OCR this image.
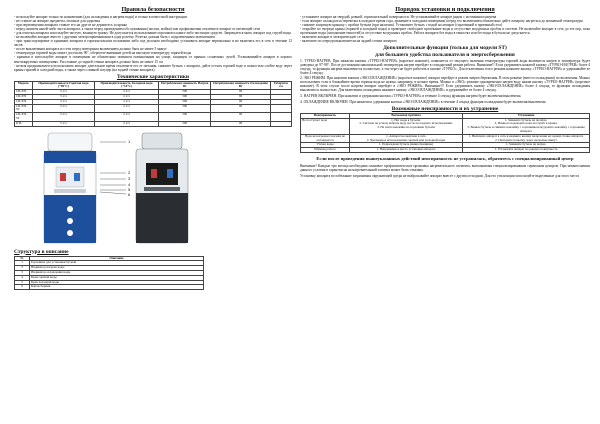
Правила безопасности

- используйте аппарат только по назначению (для охлаждения и нагрева воды) и только в поместной инструкции

- не ставьте на аппарат предметы, опасные для здоровья

- при перемещении аппарата ставьте его на другое не держитесь за краны

- перед снятием какой-либо части аппарата, а также перед проведением обслуживания (чистки, мойки) или профилактики отключите аппарат от питающей сети

- для очистки аппарата используйте чистую, влажную тряпку. Не допускается использование порошков и каких-либо чистящих средств. Запрещается мыть аппарат под струей воды

- не включайте аппарат вместе с другими электроприемниками в одну розетку. Розетка должна быть с подключенным заземлением

- при транспортировке и хранении аппарата в горизонтальном положении либо под уклоном необходимо установить аппарат вертикально и не включать его в сеть в течение 12 часов

- после выключения аппарата из сети перед повторным включением должно быть не менее 5 минут

- температура горячей воды может достигать 90°, оберегите внимание детей на высокую температуру горячей воды

- краники в используйте аппарат в помещении не обязательно повышен повышенным на улице, защищен от прямых солнечных лучей. Устанавливайте аппарат в хорошо вентилируемых помещениях. Расстояние до задней стенки аппарата должно быть не менее 15 см

- нельзя предназначается использовать аппарат длительное время отключите его от питания, снимите бутыль с аппарата, дайте остыть горячей воде и полностью слейте воду через краны горячей и холодной воды, а также через сливной штуцер (на задней стенке аппарата).

Технические характеристики
Модель	Производительность Горячая вода (+90°С)	Производительность Холодная вода (+10°С)	Потребляемая мощность Нагрев Вт	Потребляемая мощность Охлаждение Вт	Габариты см
16L/EN	5 л/ч	2 л/ч	500	90	
16L/EN	5 л/ч	2 л/ч	500	90	
16L/EN	5 л/ч	2 л/ч	500	90	
16L/EN-ST	5 л/ч	2 л/ч	500	90	
16L/EN-ST	5 л/ч	2 л/ч	500	90	
KTL	5 л/ч	2 л/ч	500	90	
1
2
3
4
5
6
Структура в описание
№	Описание
1	Горловина для установки бутыли
2	Индикатор нагрева воды
3	Индикатор охлаждения воды
4	Кран горячей воды
5	Кран холодной воды
6	Каплесборник
Порядок установки и подключения

- установите аппарат на твердой, ровной, горизонтальной поверхности. Не устанавливайте аппарат рядом с источником нагрева

- если аппарат охлаждался (перевозка в холодное время года, хранение в холодном помещении) перед его включением обязательно дайте аппарату нагреться до комнатной температуры

- снимите защитную крышку с пробки бутыли (при наличии). Установите бутыль с водой на аппарат (горловиной в приемный стол)

- откройте по очереди краны (горячей и холодной воды) и проверьте свободное протекание воды и отсутствие воздушных пробок в системе. Не включайте аппарат в сеть до тех пор, пока протекание воды (заполнение емкостей) и отсутствие воздушных пробок. Работа аппарата без воды в емкостях или без воды в бутыли не допускается.

- включите аппарат в электрическую сеть

- включите по очереди выключатели на задней стенке аппарата

Дополнительные функции (только для модели ST)
для большего удобства пользователя и энергосбережения

1. ТУРБО-НАГРЕВ. При нажатии кнопки «ТУРБО-НАГРЕВ» (короткое нажатие), появляется от текущего значения температуры горячей воды включится нагрев и температура будет доведена до 97-98°. После достижения максимальной температуры нагрев перейдет в стандартный режим работы. Внимание!! Если удерживать нажатой кнопку «ТУРБО-НАГРЕВ» более 4 секунд, то функция нагрева выключится полностью, а тэн через не будет работать в кнопке «ТУРБО». Для отключения этого режима нажмите кнопку «ТУРБО-НАГРЕВ» и удерживайте ее более 4 секунд.

2. ЭКО РЕЖИМ. При нажатии кнопки «ЭКО/ОХЛАЖДЕНИЕ» (короткое нажатие) аппарат перейдет в режим энергосбережения. В этом режиме (вместо охлаждения) по включения. Можно использовать если в ближайшее время горячая вода не нужна, например, в ночное время. Можно в «ЭКО» режиме одновременно нагрев воду нажав кнопку «ТУРБО-НАГРЕВ» (короткое нажатие). В этом случае после нагрева аппарат перейдет в «ЭКО РЕЖИМ». Внимание!!! Если удерживать кнопку «ЭКО/ОХЛАЖДЕНИЕ» более 4 секунд, то функция охлаждения выключится полностью. Для включения охлаждения нажмите кнопку «ЭКО/ОХЛАЖДЕНИЕ» и удерживайте ее более 4 секунд.

3. НАГРЕВ ВКЛЮЧЕН. При нажатии и удержании кнопки «ТУРБО-НАГРЕВ» в течение 4 секунд функция нагрева будет включена/выключена.

4. ОХЛАЖДЕНИЕ ВКЛЮЧЕН. При нажатии и удержании кнопки «ЭКО/ОХЛАЖДЕНИЕ» в течение 4 секунд функция охлаждения будет включена/выключена.

Возможные неисправности и их устранение
Неисправность	Возможная причина	Устранение
Не поступает вода	1. Нет воды в бутыли.
2. Система не успела набрать воду после последнего использования.
3. Не снята наклейка на горловине бутыли	1. Замените бутыль на полную.
2. Немного подождать пока поступит в краны.
3. Выньте бутыль и снимите наклейку с горловины или удалите наклейку с горловины аппарата
Вода не нагревается и/или не охлаждается	1. Аппарат не включен в сеть
2. Чрезмерное использование горячей или холодной воды	1. Включите аппарат в сеть и нажмите кнопку включения на задней стенке аппарата
2. Повторите попытку через несколько минут
Утечка воды	1. Повреждена бутыль (микротрещины)	1. Замените бутыль на новую.
Шумная работа	1. Неправильное место установки аппарата	1. Установите аппарат на ровную поверхность
Если после проведения вышеуказанных действий неисправность не устранилась, обратитесь с специализированный центр

Внимание! Каждые три месяца необходима плановое профилактическое промывка нагревательного элемента, выполняемая специализированным сервисным центром. При невыполнении данного условия в гарантии на на нагревательный элемент может быть отказано.

Установку аппарата во избежание загрязнения окружающей среды не выбрасывайте аппарат вместе с другим отходами. Для его утилизации используйте выделенные для этого места
